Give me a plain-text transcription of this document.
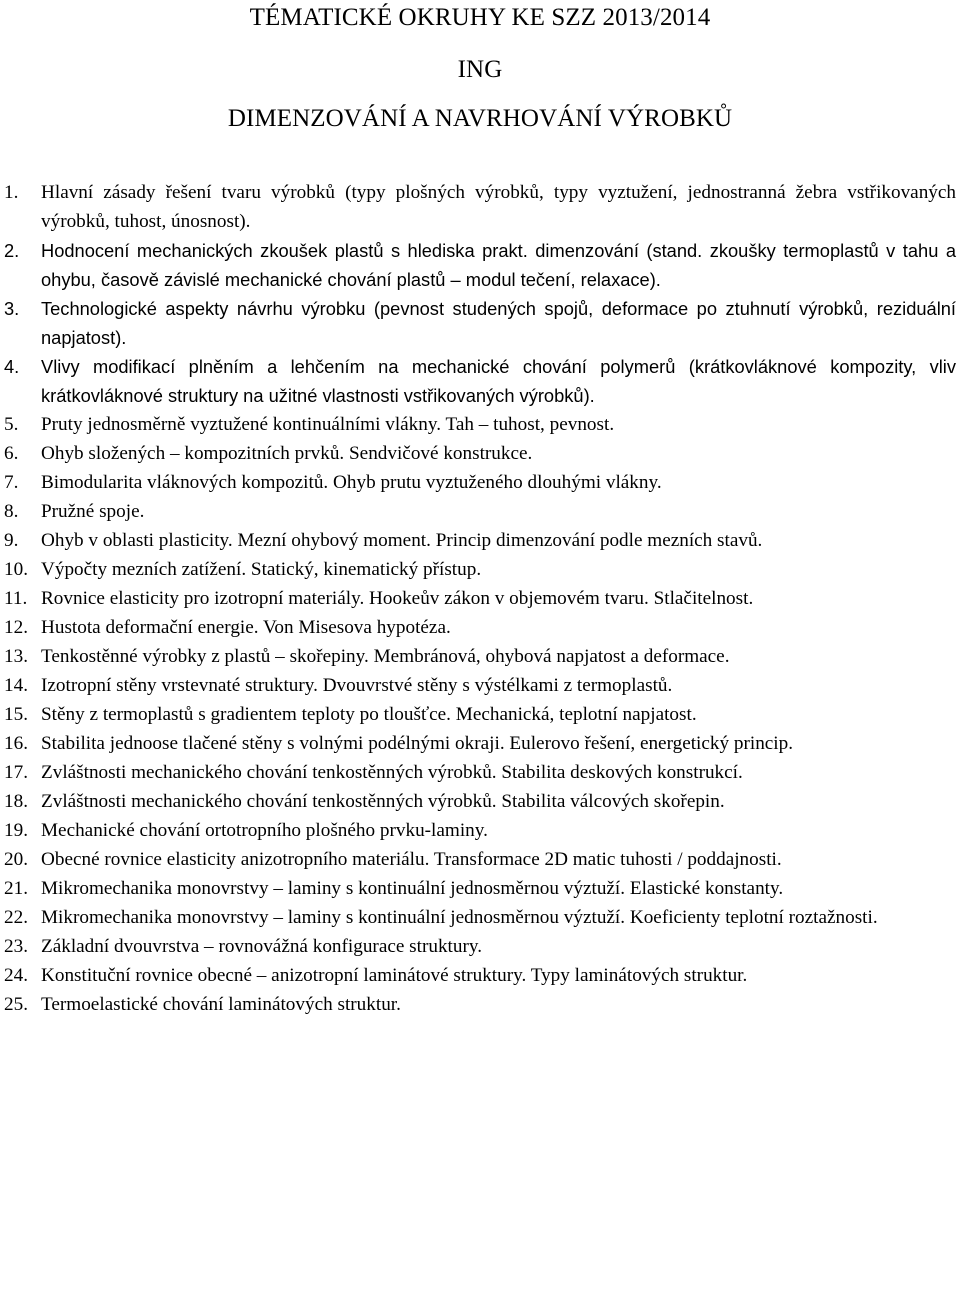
TÉMATICKÉ OKRUHY KE SZZ 2013/2014
ING
DIMENZOVÁNÍ A NAVRHOVÁNÍ VÝROBKŮ
1. Hlavní zásady řešení tvaru výrobků (typy plošných výrobků, typy vyztužení, jednostranná žebra vstřikovaných výrobků, tuhost, únosnost).
2. Hodnocení mechanických zkoušek plastů s hlediska prakt. dimenzování (stand. zkoušky termoplastů v tahu a ohybu, časově závislé mechanické chování plastů – modul tečení, relaxace).
3. Technologické aspekty návrhu výrobku (pevnost studených spojů, deformace po ztuhnutí výrobků, reziduální napjatost).
4. Vlivy modifikací plněním a lehčením na mechanické chování polymerů (krátkovláknové kompozity, vliv krátkovláknové struktury na užitné vlastnosti vstřikovaných výrobků).
5. Pruty jednosměrně vyztužené kontinuálními vlákny. Tah – tuhost, pevnost.
6. Ohyb složených – kompozitních prvků. Sendvičové konstrukce.
7. Bimodularita vláknových kompozitů. Ohyb prutu vyztuženého dlouhými vlákny.
8. Pružné spoje.
9. Ohyb v oblasti plasticity. Mezní ohybový moment. Princip dimenzování podle mezních stavů.
10. Výpočty mezních zatížení. Statický, kinematický přístup.
11. Rovnice elasticity pro izotropní materiály. Hookeův zákon v objemovém tvaru. Stlačitelnost.
12. Hustota deformační energie. Von Misesova hypotéza.
13. Tenkostěnné výrobky z plastů – skořepiny. Membránová, ohybová napjatost a deformace.
14. Izotropní stěny vrstevnaté struktury. Dvouvrstvé stěny s výstélkami z termoplastů.
15. Stěny z termoplastů s gradientem teploty po tloušťce. Mechanická, teplotní napjatost.
16. Stabilita jednoose tlačené stěny s volnými podélnými okraji. Eulerovo řešení, energetický princip.
17. Zvláštnosti mechanického chování tenkostěnných výrobků. Stabilita deskových konstrukcí.
18. Zvláštnosti mechanického chování tenkostěnných výrobků. Stabilita válcových skořepin.
19. Mechanické chování ortotropního plošného prvku-laminy.
20. Obecné rovnice elasticity anizotropního materiálu. Transformace 2D matic tuhosti / poddajnosti.
21. Mikromechanika monovrstvy – laminy s kontinuální jednosměrnou výztuží. Elastické konstanty.
22. Mikromechanika monovrstvy – laminy s kontinuální jednosměrnou výztuží. Koeficienty teplotní roztažnosti.
23. Základní dvouvrstva – rovnovážná konfigurace struktury.
24. Konstituční rovnice obecné – anizotropní laminátové struktury. Typy laminátových struktur.
25. Termoelastické chování laminátových struktur.
